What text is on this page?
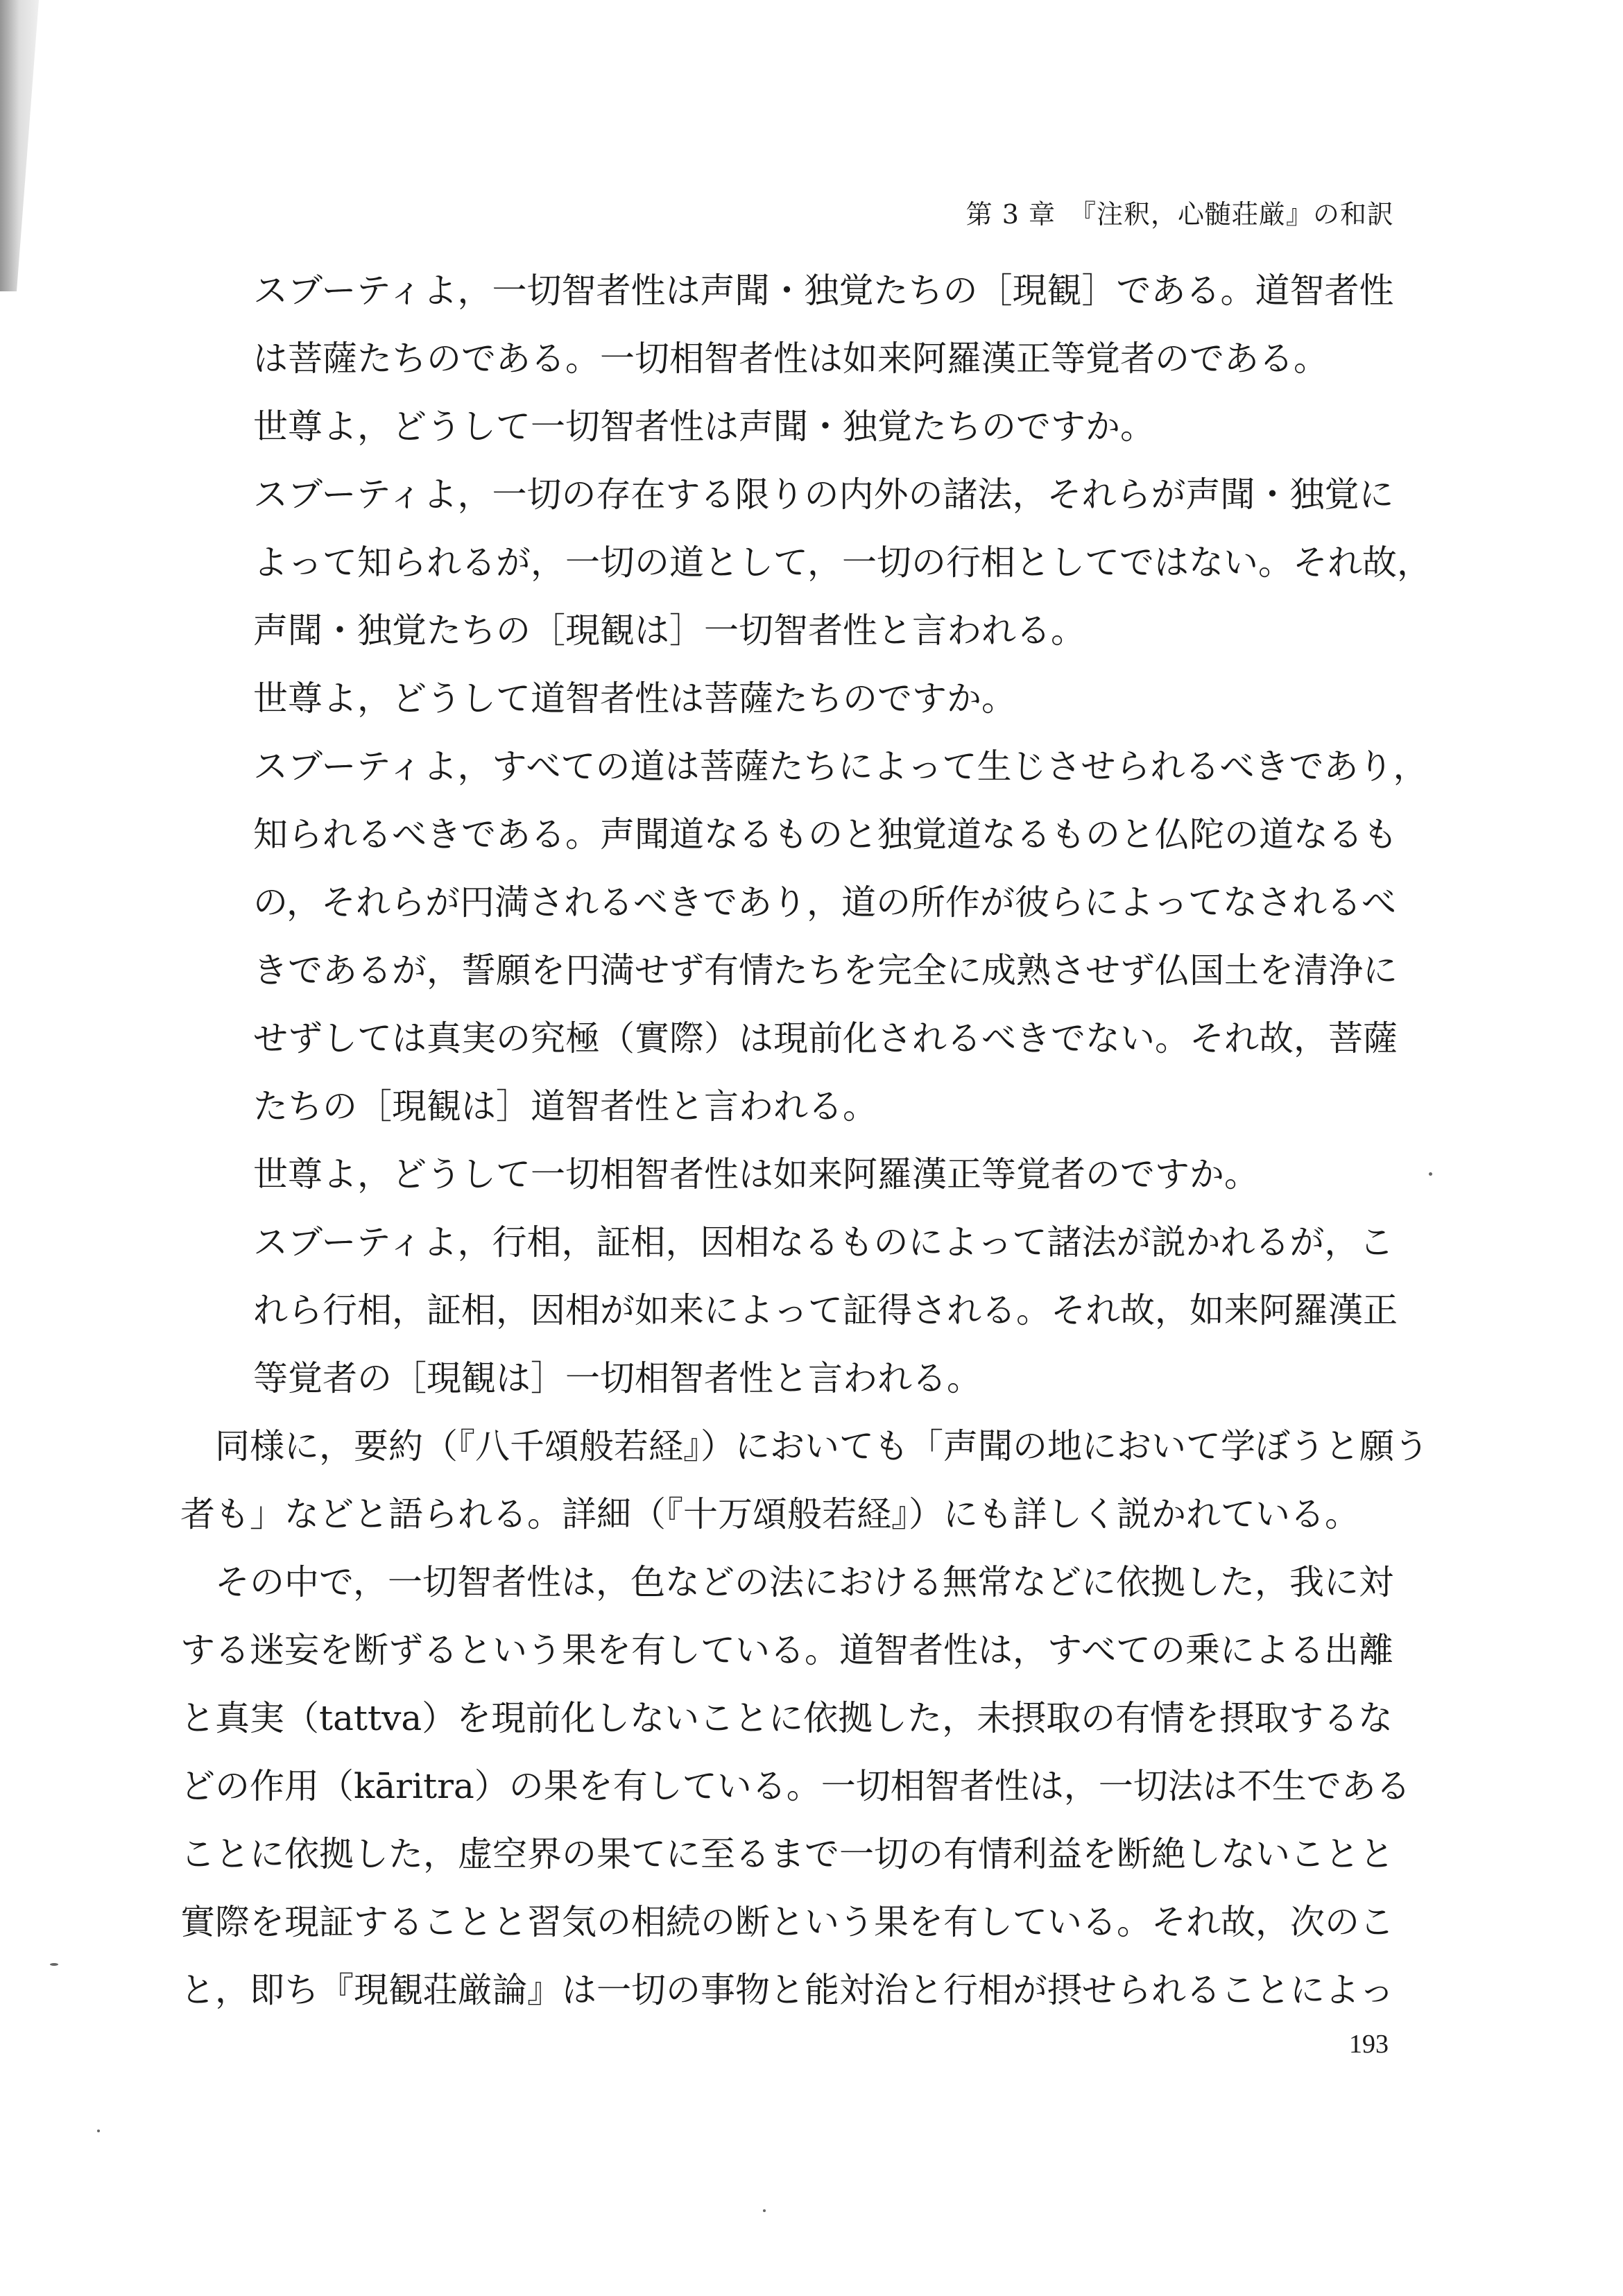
第 3 章　『注釈，心髄荘厳』の和訳
スブーティよ，一切智者性は声聞・独覚たちの［現観］である。道智者性
は菩薩たちのである。一切相智者性は如来阿羅漢正等覚者のである。
世尊よ，どうして一切智者性は声聞・独覚たちのですか。
スブーティよ，一切の存在する限りの内外の諸法，それらが声聞・独覚に
よって知られるが，一切の道として，一切の行相としてではない。それ故，
声聞・独覚たちの［現観は］一切智者性と言われる。
世尊よ，どうして道智者性は菩薩たちのですか。
スブーティよ，すべての道は菩薩たちによって生じさせられるべきであり，
知られるべきである。声聞道なるものと独覚道なるものと仏陀の道なるも
の，それらが円満されるべきであり，道の所作が彼らによってなされるべ
きであるが，誓願を円満せず有情たちを完全に成熟させず仏国土を清浄に
せずしては真実の究極（實際）は現前化されるべきでない。それ故，菩薩
たちの［現観は］道智者性と言われる。
世尊よ，どうして一切相智者性は如来阿羅漢正等覚者のですか。
スブーティよ，行相，証相，因相なるものによって諸法が説かれるが，こ
れら行相，証相，因相が如来によって証得される。それ故，如来阿羅漢正
等覚者の［現観は］一切相智者性と言われる。
同様に，要約（『八千頌般若経』）においても「声聞の地において学ぼうと願う
者も」などと語られる。詳細（『十万頌般若経』）にも詳しく説かれている。
その中で，一切智者性は，色などの法における無常などに依拠した，我に対
する迷妄を断ずるという果を有している。道智者性は，すべての乗による出離
と真実（tattva）を現前化しないことに依拠した，未摂取の有情を摂取するな
どの作用（kāritra）の果を有している。一切相智者性は，一切法は不生である
ことに依拠した，虚空界の果てに至るまで一切の有情利益を断絶しないことと
實際を現証することと習気の相続の断という果を有している。それ故，次のこ
と，即ち『現観荘厳論』は一切の事物と能対治と行相が摂せられることによっ
193
